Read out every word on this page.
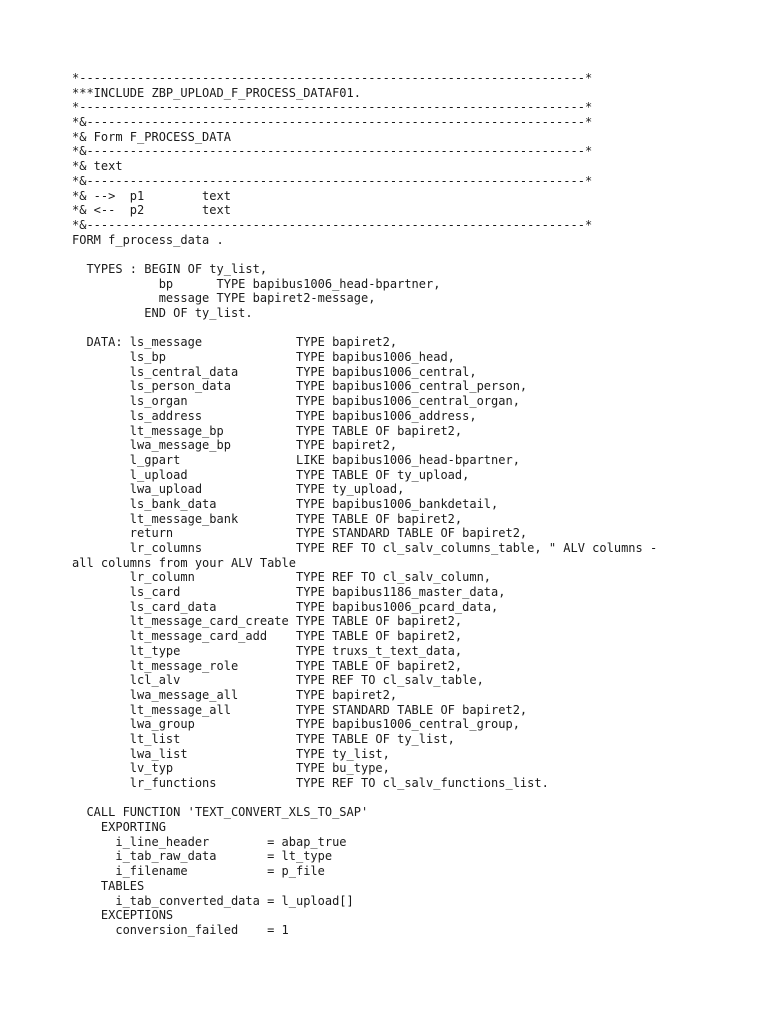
*----------------------------------------------------------------------*
***INCLUDE ZBP_UPLOAD_F_PROCESS_DATAF01.
*----------------------------------------------------------------------*
*&---------------------------------------------------------------------*
*& Form F_PROCESS_DATA
*&---------------------------------------------------------------------*
*& text
*&---------------------------------------------------------------------*
*& -->  p1        text
*& <--  p2        text
*&---------------------------------------------------------------------*
FORM f_process_data .
TYPES : BEGIN OF ty_list,
bp      TYPE bapibus1006_head-bpartner,
message TYPE bapiret2-message,
END OF ty_list.
DATA: ls_message             TYPE bapiret2,
ls_bp                  TYPE bapibus1006_head,
ls_central_data        TYPE bapibus1006_central,
ls_person_data         TYPE bapibus1006_central_person,
ls_organ               TYPE bapibus1006_central_organ,
ls_address             TYPE bapibus1006_address,
lt_message_bp          TYPE TABLE OF bapiret2,
lwa_message_bp         TYPE bapiret2,
l_gpart                LIKE bapibus1006_head-bpartner,
l_upload               TYPE TABLE OF ty_upload,
lwa_upload             TYPE ty_upload,
ls_bank_data           TYPE bapibus1006_bankdetail,
lt_message_bank        TYPE TABLE OF bapiret2,
return                 TYPE STANDARD TABLE OF bapiret2,
lr_columns             TYPE REF TO cl_salv_columns_table, " ALV columns -
all columns from your ALV Table
lr_column              TYPE REF TO cl_salv_column,
ls_card                TYPE bapibus1186_master_data,
ls_card_data           TYPE bapibus1006_pcard_data,
lt_message_card_create TYPE TABLE OF bapiret2,
lt_message_card_add    TYPE TABLE OF bapiret2,
lt_type                TYPE truxs_t_text_data,
lt_message_role        TYPE TABLE OF bapiret2,
lcl_alv                TYPE REF TO cl_salv_table,
lwa_message_all        TYPE bapiret2,
lt_message_all         TYPE STANDARD TABLE OF bapiret2,
lwa_group              TYPE bapibus1006_central_group,
lt_list                TYPE TABLE OF ty_list,
lwa_list               TYPE ty_list,
lv_typ                 TYPE bu_type,
lr_functions           TYPE REF TO cl_salv_functions_list.
CALL FUNCTION 'TEXT_CONVERT_XLS_TO_SAP'
EXPORTING
i_line_header        = abap_true
i_tab_raw_data       = lt_type
i_filename           = p_file
TABLES
i_tab_converted_data = l_upload[]
EXCEPTIONS
conversion_failed    = 1
